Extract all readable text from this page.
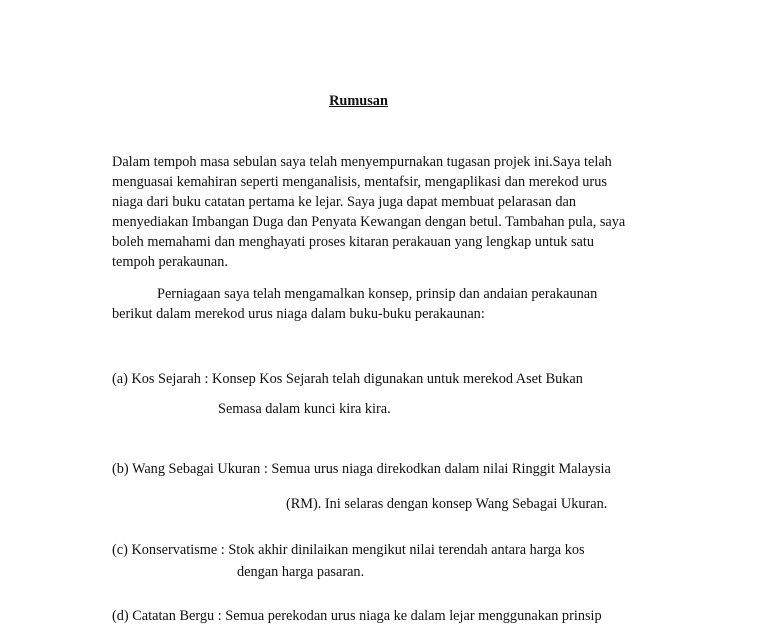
Rumusan
Dalam tempoh masa sebulan saya telah menyempurnakan tugasan projek ini.Saya telah
menguasai kemahiran seperti menganalisis, mentafsir, mengaplikasi dan merekod urus
niaga dari buku catatan pertama ke lejar. Saya juga dapat membuat pelarasan dan
menyediakan Imbangan Duga dan Penyata Kewangan dengan betul. Tambahan pula, saya
boleh memahami dan menghayati proses kitaran perakauan yang lengkap untuk satu
tempoh perakaunan.
Perniagaan saya telah mengamalkan konsep, prinsip dan andaian perakaunan
berikut dalam merekod urus niaga dalam buku-buku perakaunan:
(a) Kos Sejarah : Konsep Kos Sejarah telah digunakan untuk merekod Aset Bukan
Semasa dalam kunci kira kira.
(b) Wang Sebagai Ukuran : Semua urus niaga direkodkan dalam nilai Ringgit Malaysia
(RM). Ini selaras dengan konsep Wang Sebagai Ukuran.
(c) Konservatisme : Stok akhir dinilaikan mengikut nilai terendah antara harga kos
dengan harga pasaran.
(d) Catatan Bergu : Semua perekodan urus niaga ke dalam lejar menggunakan prinsip
